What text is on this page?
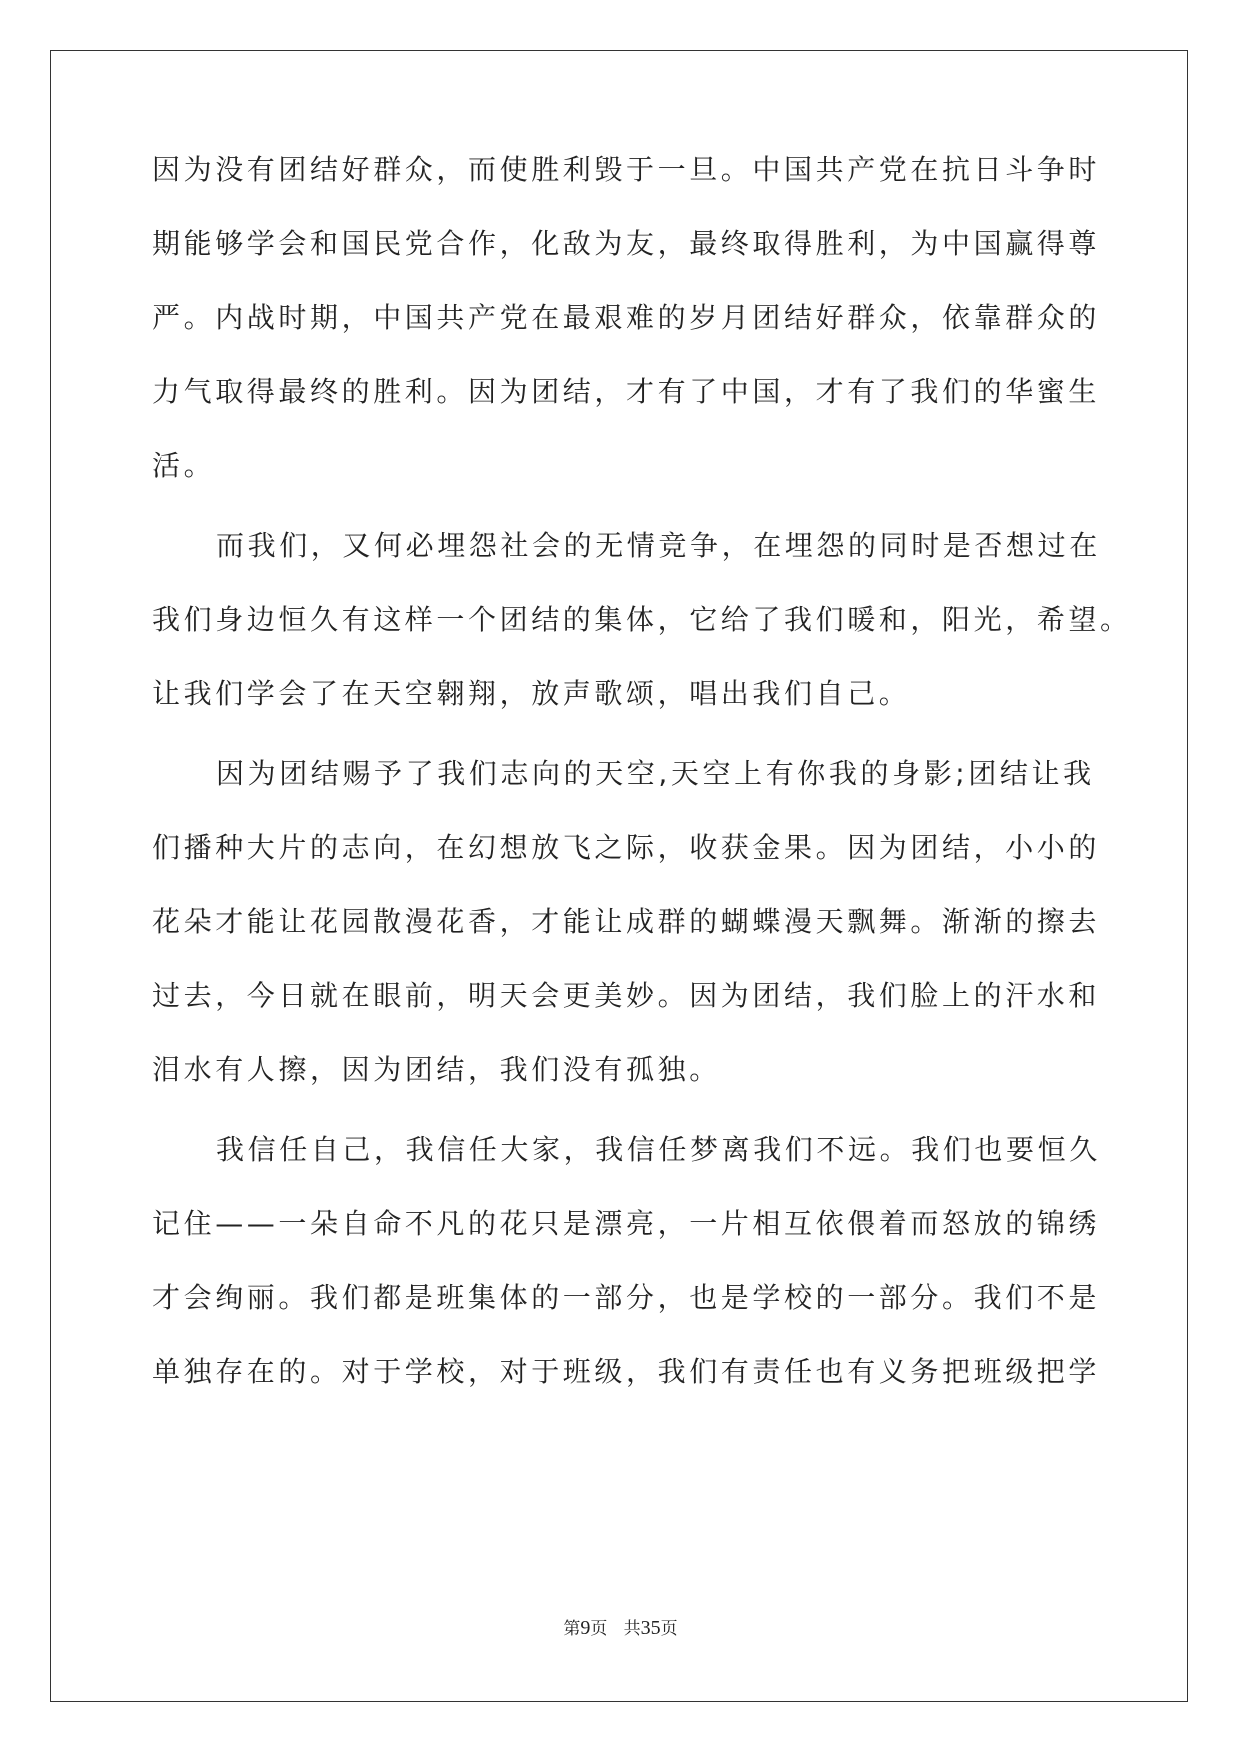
因为没有团结好群众，而使胜利毁于一旦。中国共产党在抗日斗争时
期能够学会和国民党合作，化敌为友，最终取得胜利，为中国赢得尊
严。内战时期，中国共产党在最艰难的岁月团结好群众，依靠群众的
力气取得最终的胜利。因为团结，才有了中国，才有了我们的华蜜生
活。
而我们，又何必埋怨社会的无情竞争，在埋怨的同时是否想过在
我们身边恒久有这样一个团结的集体，它给了我们暖和，阳光，希望。
让我们学会了在天空翱翔，放声歌颂，唱出我们自己。
因为团结赐予了我们志向的天空,天空上有你我的身影;团结让我
们播种大片的志向，在幻想放飞之际，收获金果。因为团结，小小的
花朵才能让花园散漫花香，才能让成群的蝴蝶漫天飘舞。渐渐的擦去
过去，今日就在眼前，明天会更美妙。因为团结，我们脸上的汗水和
泪水有人擦，因为团结，我们没有孤独。
我信任自己，我信任大家，我信任梦离我们不远。我们也要恒久
记住——一朵自命不凡的花只是漂亮，一片相互依偎着而怒放的锦绣
才会绚丽。我们都是班集体的一部分，也是学校的一部分。我们不是
单独存在的。对于学校，对于班级，我们有责任也有义务把班级把学
第9页 共35页
